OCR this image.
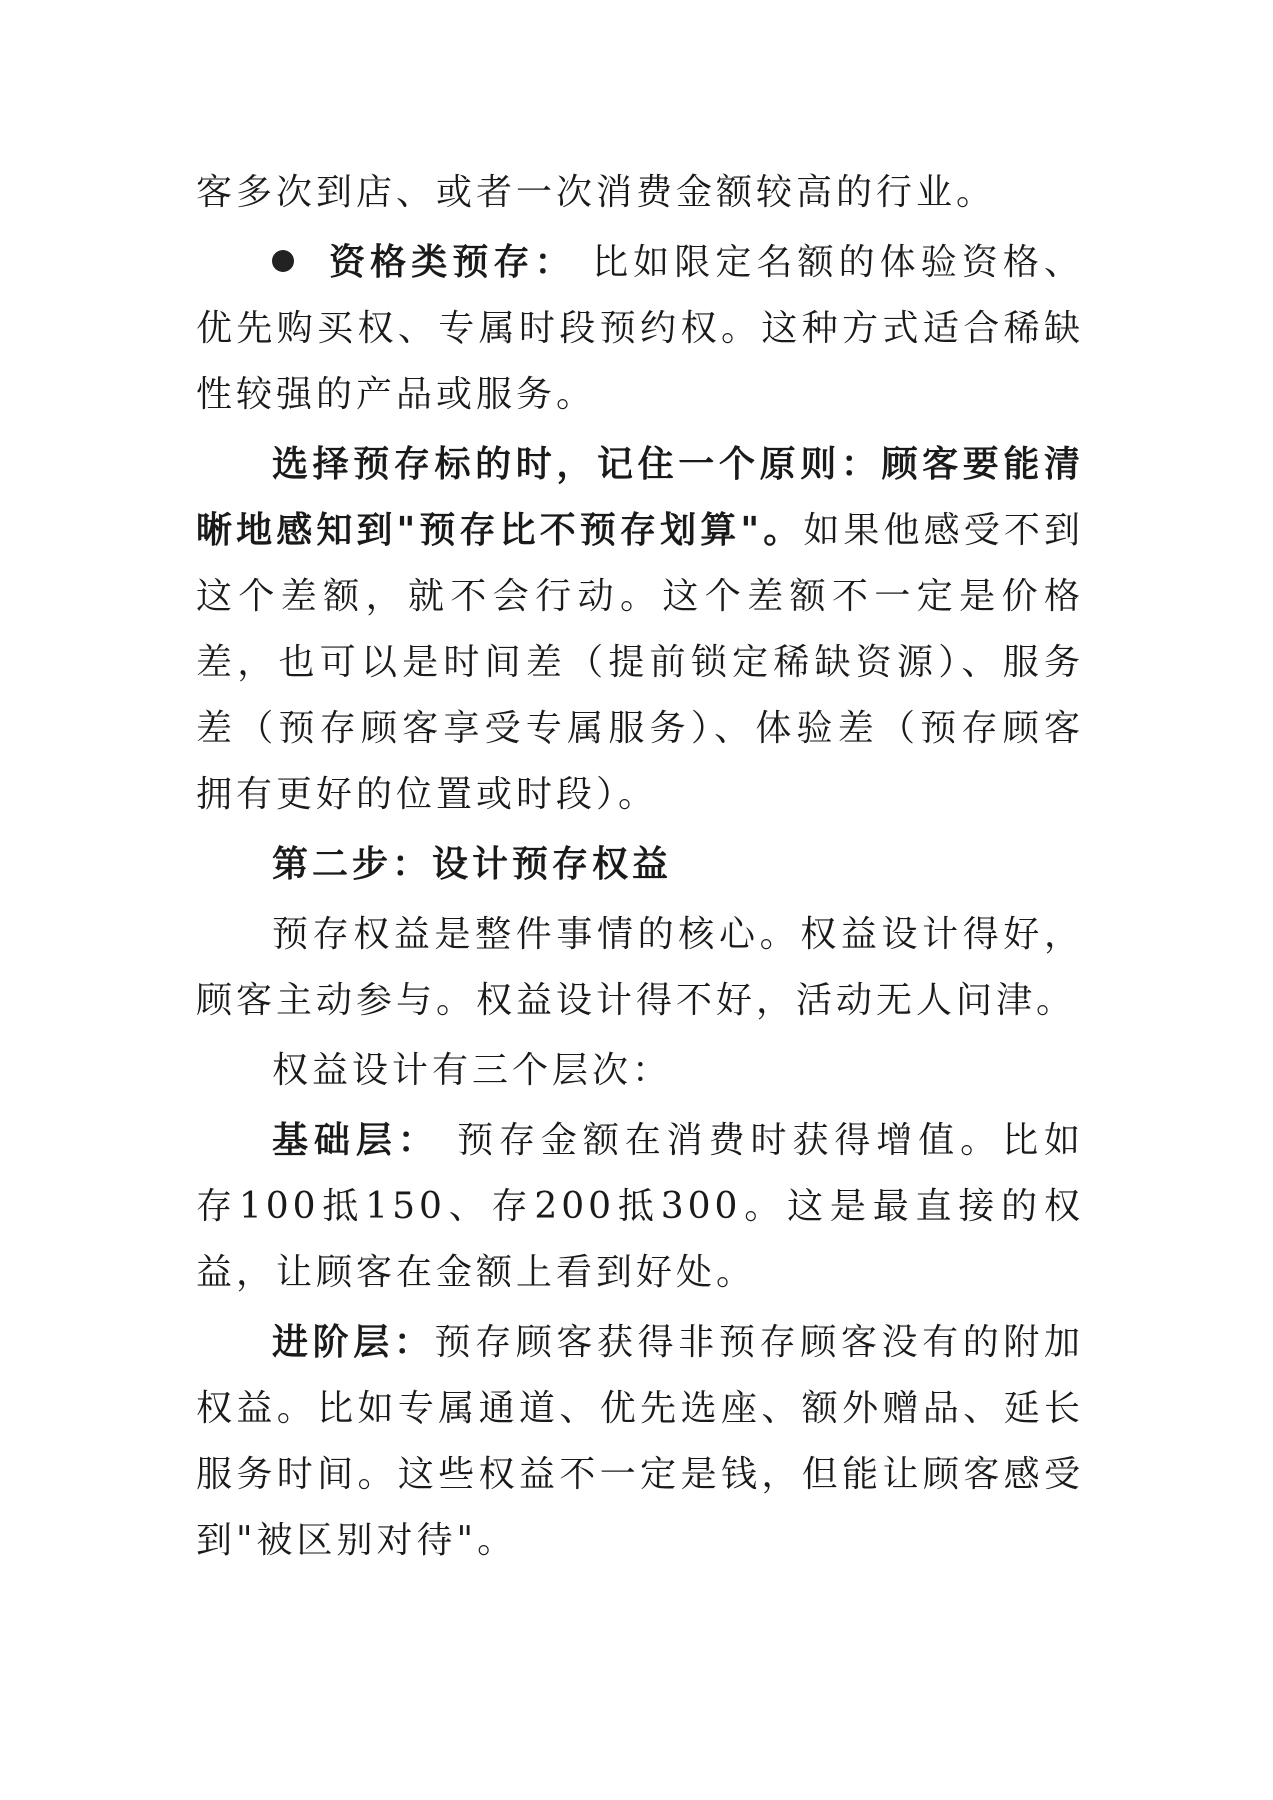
客多次到店、或者一次消费金额较高的行业。

资格类预存： 比如限定名额的体验资格、优先购买权、专属时段预约权。这种方式适合稀缺性较强的产品或服务。

选择预存标的时，记住一个原则：顾客要能清晰地感知到"预存比不预存划算"。如果他感受不到这个差额，就不会行动。这个差额不一定是价格差，也可以是时间差（提前锁定稀缺资源）、服务差（预存顾客享受专属服务）、体验差（预存顾客拥有更好的位置或时段）。

第二步：设计预存权益

预存权益是整件事情的核心。权益设计得好，顾客主动参与。权益设计得不好，活动无人问津。

权益设计有三个层次：

基础层： 预存金额在消费时获得增值。比如存100抵150、存200抵300。这是最直接的权益，让顾客在金额上看到好处。

进阶层：预存顾客获得非预存顾客没有的附加权益。比如专属通道、优先选座、额外赠品、延长服务时间。这些权益不一定是钱，但能让顾客感受到"被区别对待"。
